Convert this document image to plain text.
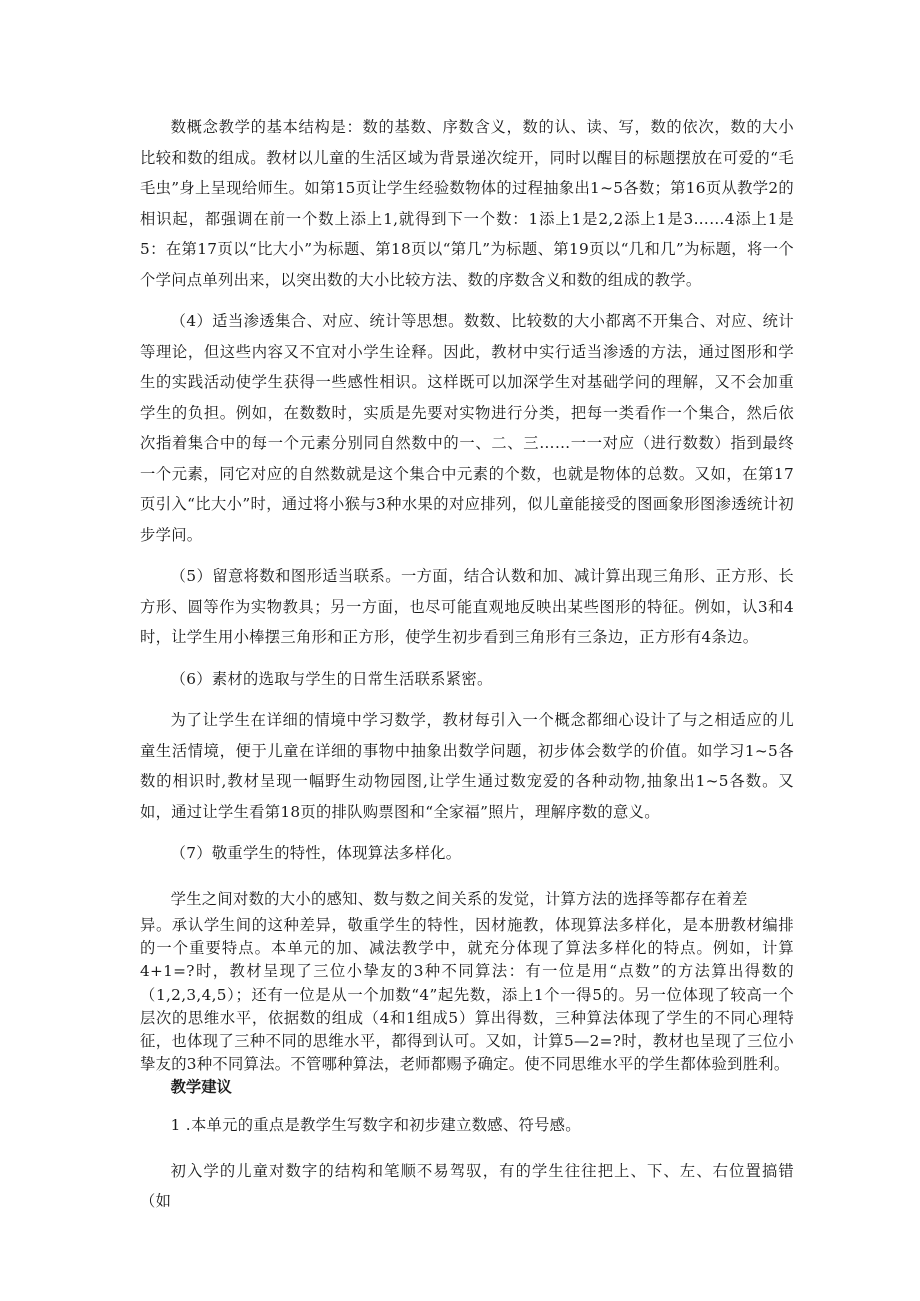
数概念教学的基本结构是：数的基数、序数含义，数的认、读、写，数的依次，数的大小比较和数的组成。教材以儿童的生活区域为背景递次绽开，同时以醒目的标题摆放在可爱的“毛毛虫”身上呈现给师生。如第15页让学生经验数物体的过程抽象出1~5各数；第16页从教学2的相识起，都强调在前一个数上添上1,就得到下一个数：1添上1是2,2添上1是3……4添上1是5：在第17页以“比大小”为标题、第18页以“第几”为标题、第19页以“几和几”为标题，将一个个学问点单列出来，以突出数的大小比较方法、数的序数含义和数的组成的教学。

（4）适当渗透集合、对应、统计等思想。数数、比较数的大小都离不开集合、对应、统计等理论，但这些内容又不宜对小学生诠释。因此，教材中实行适当渗透的方法，通过图形和学生的实践活动使学生获得一些感性相识。这样既可以加深学生对基础学问的理解，又不会加重学生的负担。例如，在数数时，实质是先要对实物进行分类，把每一类看作一个集合，然后依次指着集合中的每一个元素分别同自然数中的一、二、三……一一对应（进行数数）指到最终一个元素，同它对应的自然数就是这个集合中元素的个数，也就是物体的总数。又如，在第17页引入“比大小”时，通过将小猴与3种水果的对应排列，似儿童能接受的图画象形图渗透统计初步学问。

（5）留意将数和图形适当联系。一方面，结合认数和加、减计算出现三角形、正方形、长方形、圆等作为实物教具；另一方面，也尽可能直观地反映出某些图形的特征。例如，认3和4时，让学生用小棒摆三角形和正方形，使学生初步看到三角形有三条边，正方形有4条边。

（6）素材的选取与学生的日常生活联系紧密。

为了让学生在详细的情境中学习数学，教材每引入一个概念都细心设计了与之相适应的儿童生活情境，便于儿童在详细的事物中抽象出数学问题，初步体会数学的价值。如学习1~5各数的相识时,教材呈现一幅野生动物园图,让学生通过数宠爱的各种动物,抽象出1~5各数。又如，通过让学生看第18页的排队购票图和“全家福”照片，理解序数的意义。

（7）敬重学生的特性，体现算法多样化。

学生之间对数的大小的感知、数与数之间关系的发觉，计算方法的选择等都存在着差

异。承认学生间的这种差异，敬重学生的特性，因材施教，体现算法多样化，是本册教材编排的一个重要特点。本单元的加、减法教学中，就充分体现了算法多样化的特点。例如，计算4+1=?时，教材呈现了三位小挚友的3种不同算法：有一位是用“点数”的方法算出得数的（1,2,3,4,5）；还有一位是从一个加数“4”起先数，添上1个一得5的。另一位体现了较高一个层次的思维水平，依据数的组成（4和1组成5）算出得数，三种算法体现了学生的不同心理特征，也体现了三种不同的思维水平，都得到认可。又如，计算5—2=?时，教材也呈现了三位小挚友的3种不同算法。不管哪种算法，老师都赐予确定。使不同思维水平的学生都体验到胜利。

教学建议

1 .本单元的重点是教学生写数字和初步建立数感、符号感。

初入学的儿童对数字的结构和笔顺不易驾驭，有的学生往往把上、下、左、右位置搞错（如
